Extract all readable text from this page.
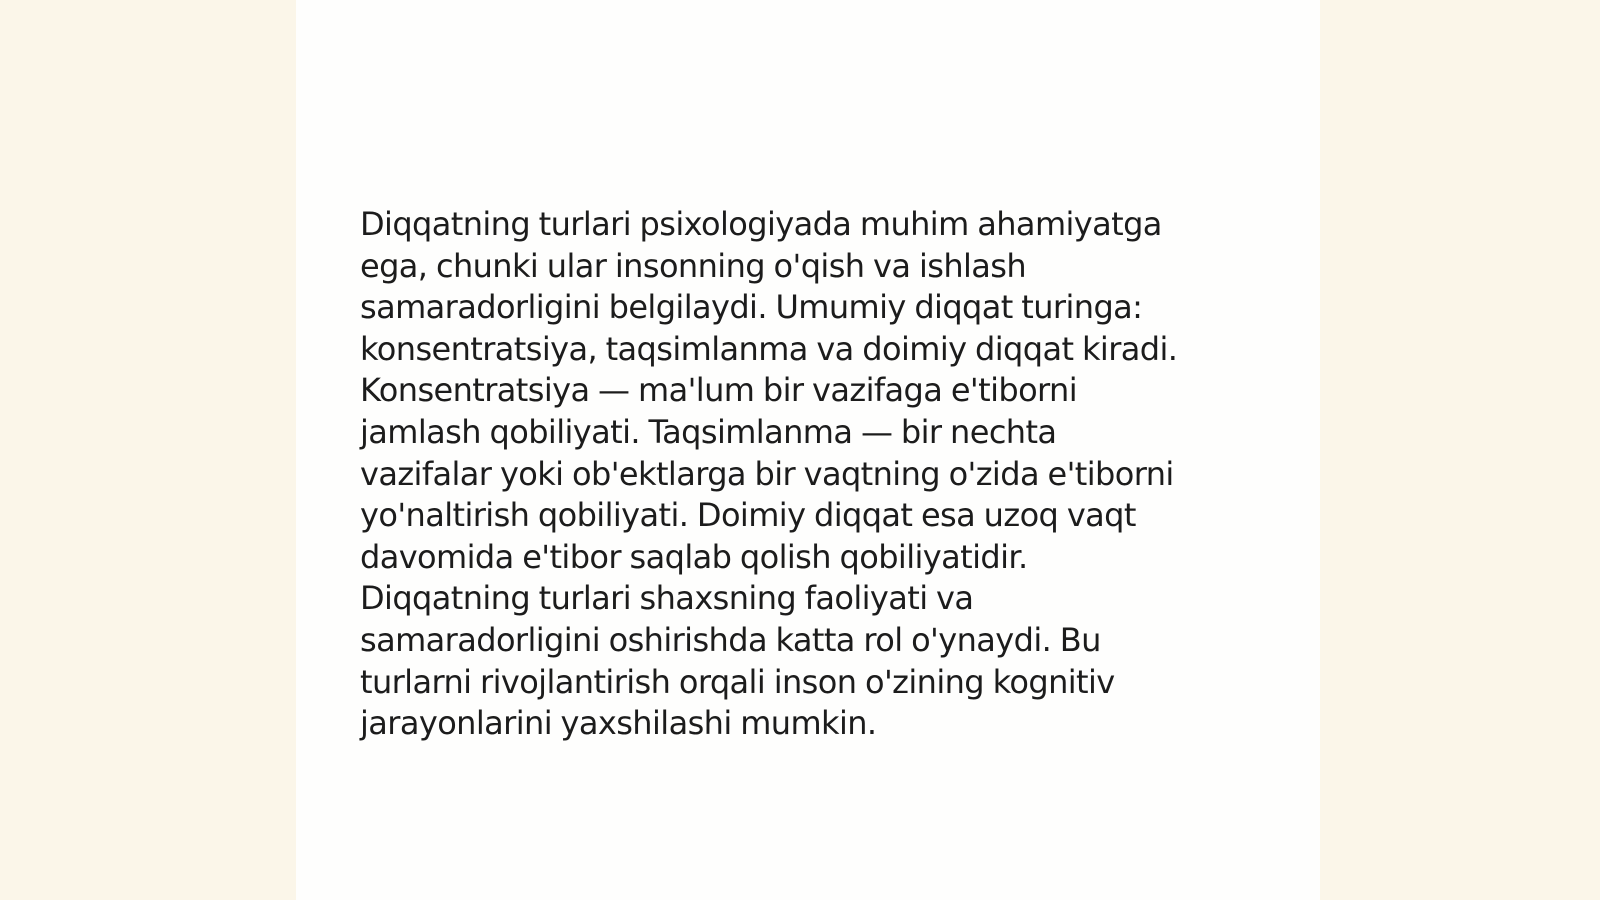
Diqqatning turlari psixologiyada muhim ahamiyatga
ega, chunki ular insonning o'qish va ishlash
samaradorligini belgilaydi. Umumiy diqqat turinga:
konsentratsiya, taqsimlanma va doimiy diqqat kiradi.
Konsentratsiya — ma'lum bir vazifaga e'tiborni
jamlash qobiliyati. Taqsimlanma — bir nechta
vazifalar yoki ob'ektlarga bir vaqtning o'zida e'tiborni
yo'naltirish qobiliyati. Doimiy diqqat esa uzoq vaqt
davomida e'tibor saqlab qolish qobiliyatidir.
Diqqatning turlari shaxsning faoliyati va
samaradorligini oshirishda katta rol o'ynaydi. Bu
turlarni rivojlantirish orqali inson o'zining kognitiv
jarayonlarini yaxshilashi mumkin.
